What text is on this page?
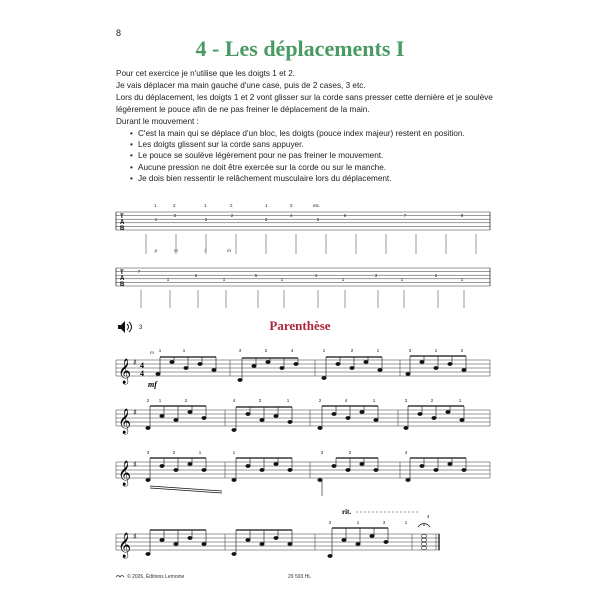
8
4 - Les déplacements I

Pour cet exercice je n'utilise que les doigts 1 et 2.

Je vais déplacer ma main gauche d'une case, puis de 2 cases, 3 etc.

Lors du déplacement, les doigts 1 et 2 vont glisser sur la corde sans presser cette dernière et je soulève légèrement le pouce afin de ne pas freiner le déplacement de la main.

Durant le mouvement :

• C'est la main qui se déplace d'un bloc, les doigts (pouce index majeur) restent en position.
• Les doigts glissent sur la corde sans appuyer.
• Le pouce se soulève légèrement pour ne pas freiner le mouvement.
• Aucune pression ne doit être exercée sur la corde ou sur le manche.
• Je dois bien ressentir le relâchement musculaire lors du déplacement.
T
A
B
1	2	1	2	1	2	etc.
1
2
3
2
3
4
5
6	7	8
p	m	i	m
T
A
B
7
1
6
1
5
1
4
1
3
1
2
1
𝄞 ♯ 4
4
mf
m 1	1	3	2	4	1	2	1	3	1	2
𝄞 ♯
2 1	2	4	3	1	2	4	1	3	2	1
𝄞 ♯
3	2	1	1	3	2	4
rit.
𝄞 ♯
2	1	3	1
4
3	Parenthèse
© 2026, Éditions Lemoine	29 593 HL
